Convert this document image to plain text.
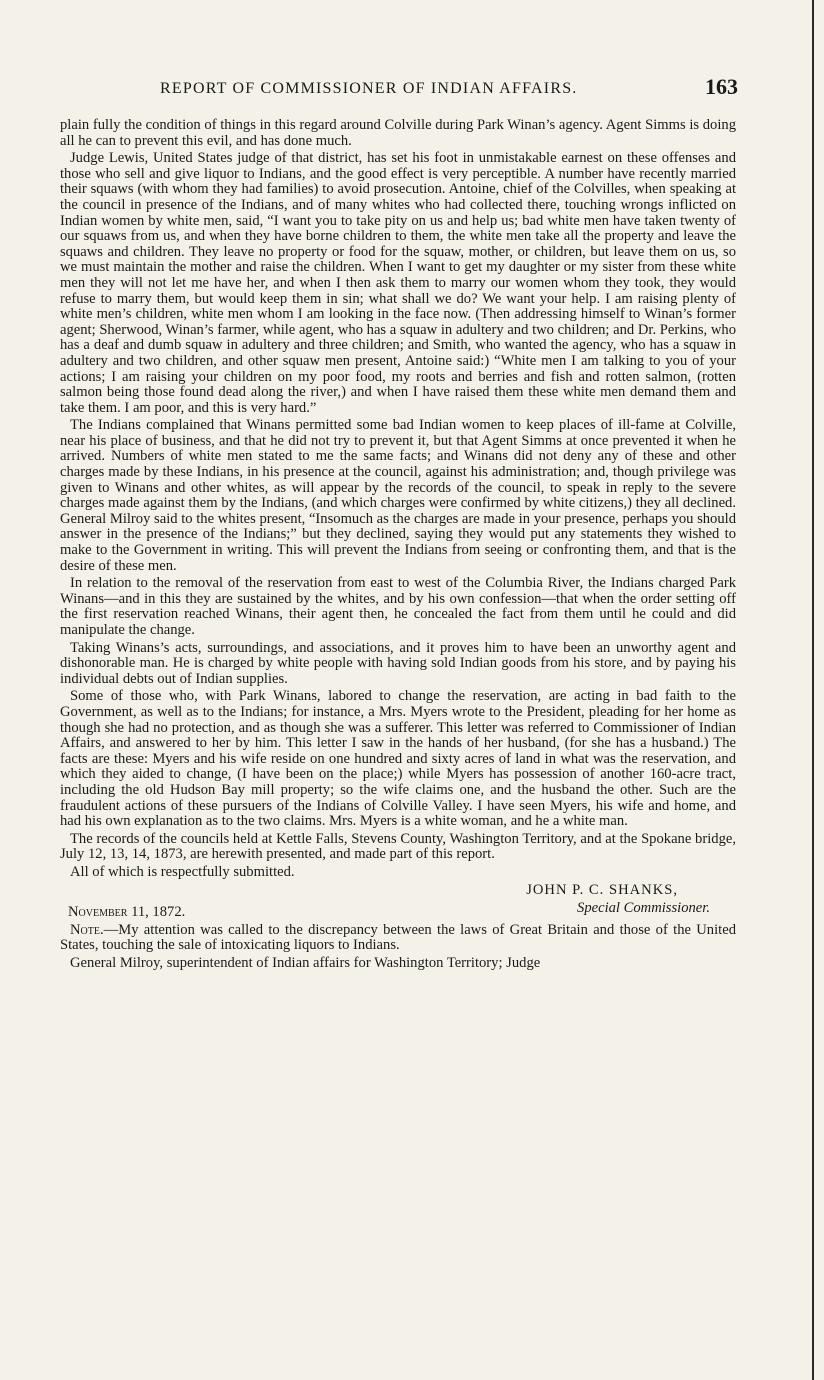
REPORT OF COMMISSIONER OF INDIAN AFFAIRS.	163

plain fully the condition of things in this regard around Colville during Park Winan’s agency. Agent Simms is doing all he can to prevent this evil, and has done much.

Judge Lewis, United States judge of that district, has set his foot in unmistakable earnest on these offenses and those who sell and give liquor to Indians, and the good effect is very perceptible. A number have recently married their squaws (with whom they had families) to avoid prosecution. Antoine, chief of the Colvilles, when speaking at the council in presence of the Indians, and of many whites who had collected there, touching wrongs inflicted on Indian women by white men, said, “I want you to take pity on us and help us; bad white men have taken twenty of our squaws from us, and when they have borne children to them, the white men take all the property and leave the squaws and children. They leave no property or food for the squaw, mother, or children, but leave them on us, so we must maintain the mother and raise the children. When I want to get my daughter or my sister from these white men they will not let me have her, and when I then ask them to marry our women whom they took, they would refuse to marry them, but would keep them in sin; what shall we do? We want your help. I am raising plenty of white men’s children, white men whom I am looking in the face now. (Then addressing himself to Winan’s former agent; Sherwood, Winan’s farmer, while agent, who has a squaw in adultery and two children; and Dr. Perkins, who has a deaf and dumb squaw in adultery and three children; and Smith, who wanted the agency, who has a squaw in adultery and two children, and other squaw men present, Antoine said:) “White men I am talking to you of your actions; I am raising your children on my poor food, my roots and berries and fish and rotten salmon, (rotten salmon being those found dead along the river,) and when I have raised them these white men demand them and take them. I am poor, and this is very hard.”

The Indians complained that Winans permitted some bad Indian women to keep places of ill-fame at Colville, near his place of business, and that he did not try to prevent it, but that Agent Simms at once prevented it when he arrived. Numbers of white men stated to me the same facts; and Winans did not deny any of these and other charges made by these Indians, in his presence at the council, against his administration; and, though privilege was given to Winans and other whites, as will appear by the records of the council, to speak in reply to the severe charges made against them by the Indians, (and which charges were confirmed by white citizens,) they all declined. General Milroy said to the whites present, “Insomuch as the charges are made in your presence, perhaps you should answer in the presence of the Indians;” but they declined, saying they would put any statements they wished to make to the Government in writing. This will prevent the Indians from seeing or confronting them, and that is the desire of these men.

In relation to the removal of the reservation from east to west of the Columbia River, the Indians charged Park Winans—and in this they are sustained by the whites, and by his own confession—that when the order setting off the first reservation reached Winans, their agent then, he concealed the fact from them until he could and did manipulate the change.

Taking Winans’s acts, surroundings, and associations, and it proves him to have been an unworthy agent and dishonorable man. He is charged by white people with having sold Indian goods from his store, and by paying his individual debts out of Indian supplies.

Some of those who, with Park Winans, labored to change the reservation, are acting in bad faith to the Government, as well as to the Indians; for instance, a Mrs. Myers wrote to the President, pleading for her home as though she had no protection, and as though she was a sufferer. This letter was referred to Commissioner of Indian Affairs, and answered to her by him. This letter I saw in the hands of her husband, (for she has a husband.) The facts are these: Myers and his wife reside on one hundred and sixty acres of land in what was the reservation, and which they aided to change, (I have been on the place;) while Myers has possession of another 160-acre tract, including the old Hudson Bay mill property; so the wife claims one, and the husband the other. Such are the fraudulent actions of these pursuers of the Indians of Colville Valley. I have seen Myers, his wife and home, and had his own explanation as to the two claims. Mrs. Myers is a white woman, and he a white man.

The records of the councils held at Kettle Falls, Stevens County, Washington Territory, and at the Spokane bridge, July 12, 13, 14, 1873, are herewith presented, and made part of this report.

All of which is respectfully submitted.

JOHN P. C. SHANKS,
November 11, 1872.	Special Commissioner.

Note.—My attention was called to the discrepancy between the laws of Great Britain and those of the United States, touching the sale of intoxicating liquors to Indians.

General Milroy, superintendent of Indian affairs for Washington Territory; Judge
